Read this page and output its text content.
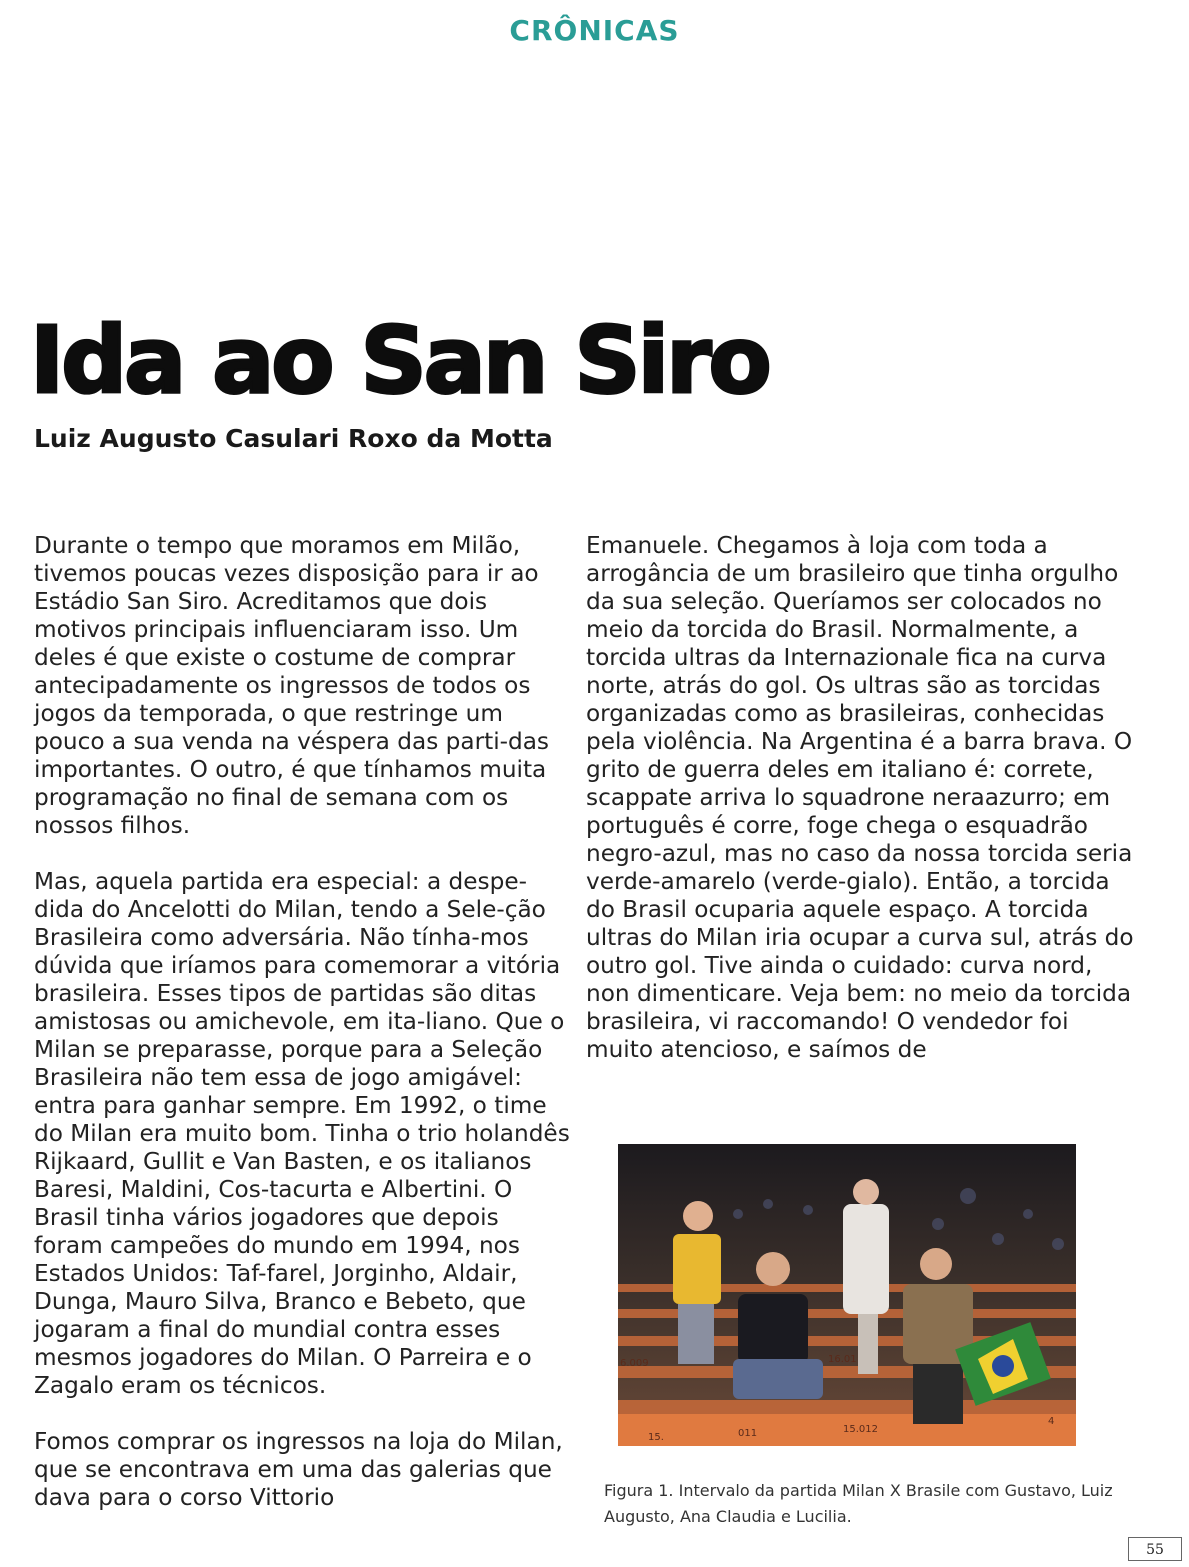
CRÔNICAS
Ida ao San Siro
Luiz Augusto Casulari Roxo da Motta

Durante o tempo que moramos em Milão, tivemos poucas vezes disposição para ir ao Estádio San Siro. Acreditamos que dois motivos principais influenciaram isso. Um deles é que existe o costume de comprar antecipadamente os ingressos de todos os jogos da temporada, o que restringe um pouco a sua venda na véspera das parti-das importantes. O outro, é que tínhamos muita programação no final de semana com os nossos filhos.

Mas, aquela partida era especial: a despe-dida do Ancelotti do Milan, tendo a Sele-ção Brasileira como adversária. Não tínha-mos dúvida que iríamos para comemorar a vitória brasileira. Esses tipos de partidas são ditas amistosas ou amichevole, em ita-liano. Que o Milan se preparasse, porque para a Seleção Brasileira não tem essa de jogo amigável: entra para ganhar sempre. Em 1992, o time do Milan era muito bom. Tinha o trio holandês Rijkaard, Gullit e Van Basten, e os italianos Baresi, Maldini, Cos-tacurta e Albertini. O Brasil tinha vários jogadores que depois foram campeões do mundo em 1994, nos Estados Unidos: Taf-farel, Jorginho, Aldair, Dunga, Mauro Silva, Branco e Bebeto, que jogaram a final do mundial contra esses mesmos jogadores do Milan. O Parreira e o Zagalo eram os técnicos.

Fomos comprar os ingressos na loja do Milan, que se encontrava em uma das galerias que dava para o corso Vittorio

Emanuele. Chegamos à loja com toda a arrogância de um brasileiro que tinha orgulho da sua seleção. Queríamos ser colocados no meio da torcida do Brasil. Normalmente, a torcida ultras da Internazionale fica na curva norte, atrás do gol. Os ultras são as torcidas organizadas como as brasileiras, conhecidas pela violência. Na Argentina é a barra brava. O grito de guerra deles em italiano é: correte, scappate arriva lo squadrone neraazurro; em português é corre, foge chega o esquadrão negro-azul, mas no caso da nossa torcida seria verde-amarelo (verde-gialo). Então, a torcida do Brasil ocuparia aquele espaço. A torcida ultras do Milan iria ocupar a curva sul, atrás do outro gol. Tive ainda o cuidado: curva nord, non dimenticare. Veja bem: no meio da torcida brasileira, vi raccomando! O vendedor foi muito atencioso, e saímos de

6.009	16.01
15.012
15.	011
4
Figura 1. Intervalo da partida Milan X Brasile com Gustavo, Luiz Augusto, Ana Claudia e Lucilia.
55
